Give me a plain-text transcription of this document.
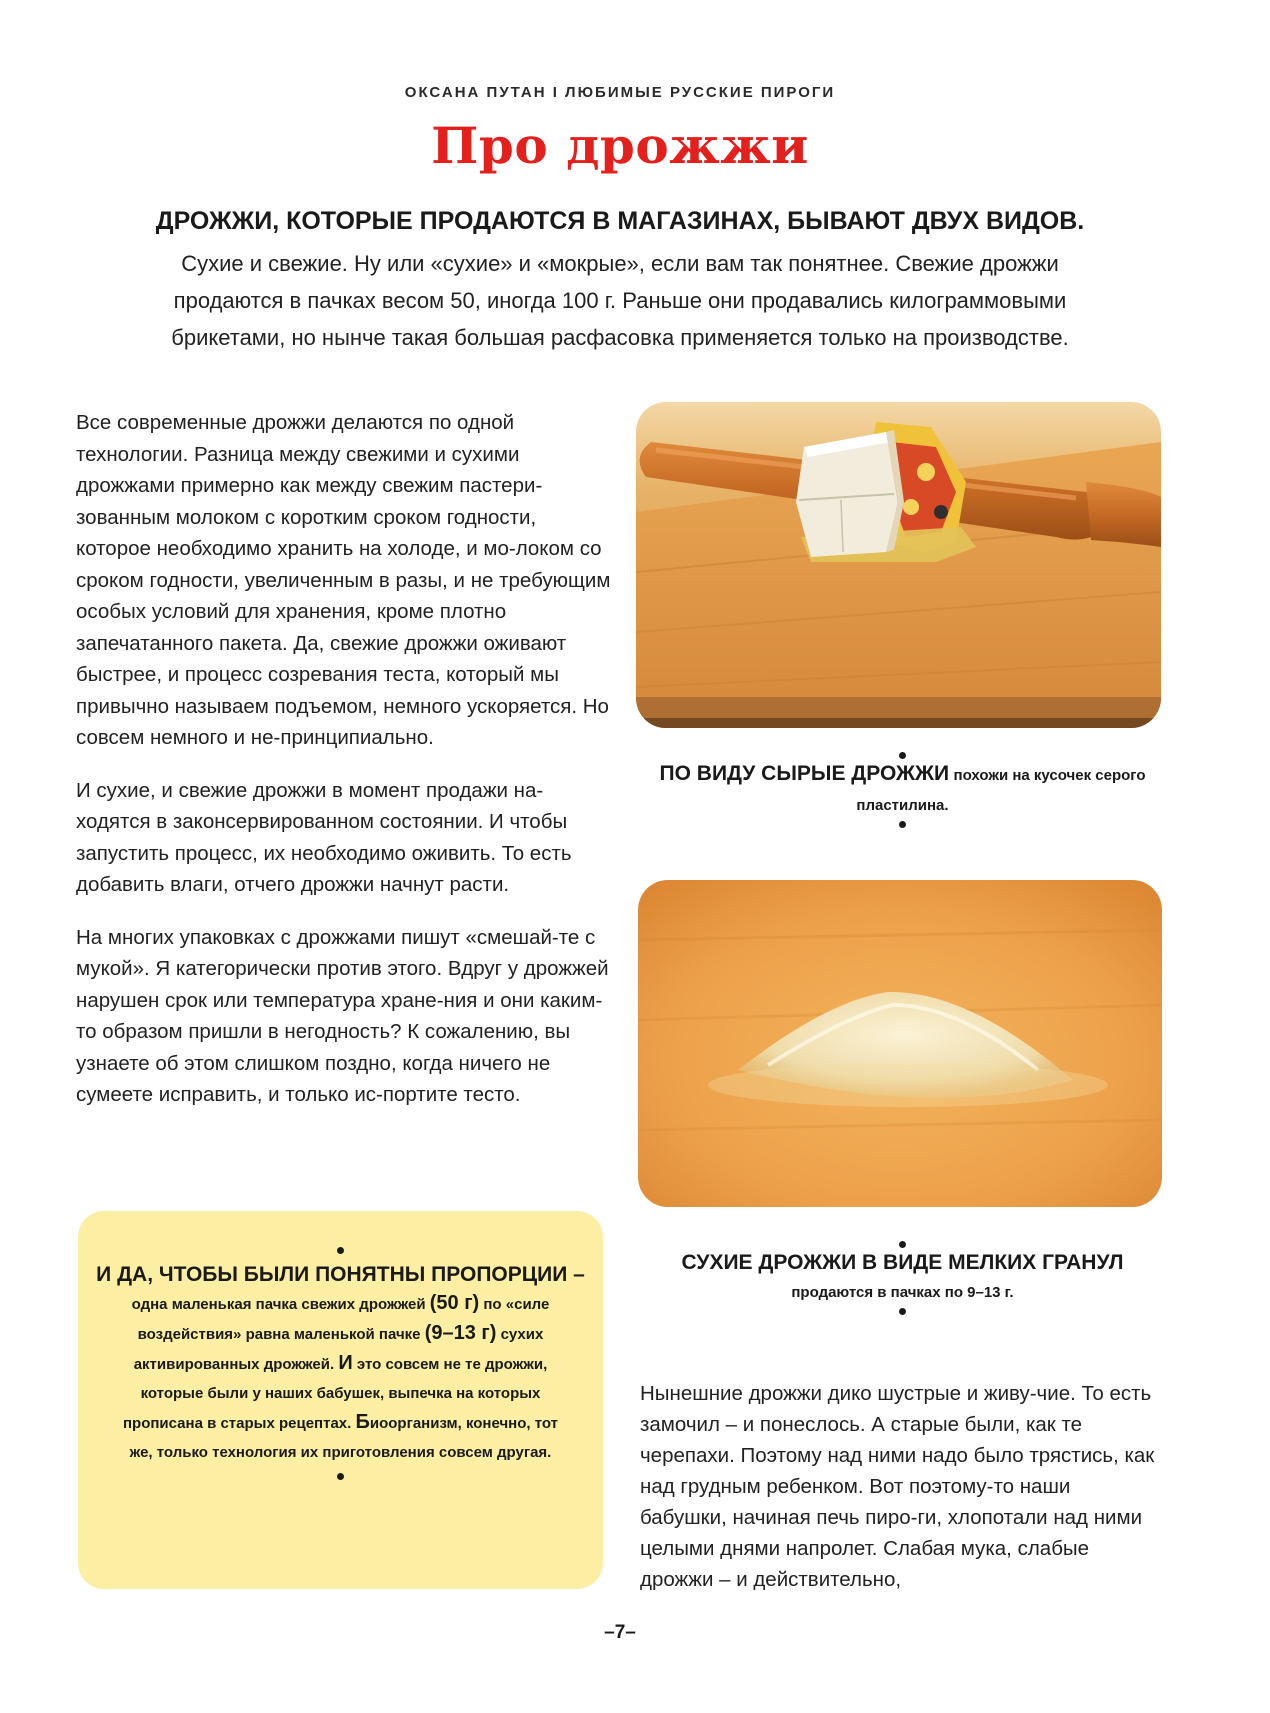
ОКСАНА ПУТАН I ЛЮБИМЫЕ РУССКИЕ ПИРОГИ
Про дрожжи
ДРОЖЖИ, КОТОРЫЕ ПРОДАЮТСЯ В МАГАЗИНАХ, БЫВАЮТ ДВУХ ВИДОВ.
Сухие и свежие. Ну или «сухие» и «мокрые», если вам так понятнее. Свежие дрожжи продаются в пачках весом 50, иногда 100 г. Раньше они продавались килограммовыми брикетами, но нынче такая большая расфасовка применяется только на производстве.

Все современные дрожжи делаются по одной технологии. Разница между свежими и сухими дрожжами примерно как между свежим пастери-зованным молоком с коротким сроком годности, которое необходимо хранить на холоде, и мо-локом со сроком годности, увеличенным в разы, и не требующим особых условий для хранения, кроме плотно запечатанного пакета. Да, свежие дрожжи оживают быстрее, и процесс созревания теста, который мы привычно называем подъемом, немного ускоряется. Но совсем немного и не-принципиально.

И сухие, и свежие дрожжи в момент продажи на-ходятся в законсервированном состоянии. И чтобы запустить процесс, их необходимо оживить. То есть добавить влаги, отчего дрожжи начнут расти.

На многих упаковках с дрожжами пишут «смешай-те с мукой». Я категорически против этого. Вдруг у дрожжей нарушен срок или температура хране-ния и они каким-то образом пришли в негодность? К сожалению, вы узнаете об этом слишком поздно, когда ничего не сумеете исправить, и только ис-портите тесто.

ПО ВИДУ СЫРЫЕ ДРОЖЖИ похожи на кусочек серого пластилина.
СУХИЕ ДРОЖЖИ В ВИДЕ МЕЛКИХ ГРАНУЛ
продаются в пачках по 9–13 г.
И ДА, ЧТОБЫ БЫЛИ ПОНЯТНЫ ПРОПОРЦИИ –
одна маленькая пачка свежих дрожжей (50 г) по «силе воздействия» равна маленькой пачке (9–13 г) сухих активированных дрожжей. И это совсем не те дрожжи, которые были у наших бабушек, выпечка на которых прописана в старых рецептах. Биоорганизм, конечно, тот же, только технология их приготовления совсем другая.

Нынешние дрожжи дико шустрые и живу-чие. То есть замочил – и понеслось. А старые были, как те черепахи. Поэтому над ними надо было трястись, как над грудным ребенком. Вот поэтому-то наши бабушки, начиная печь пиро-ги, хлопотали над ними целыми днями напролет. Слабая мука, слабые дрожжи – и действительно,

–7–
